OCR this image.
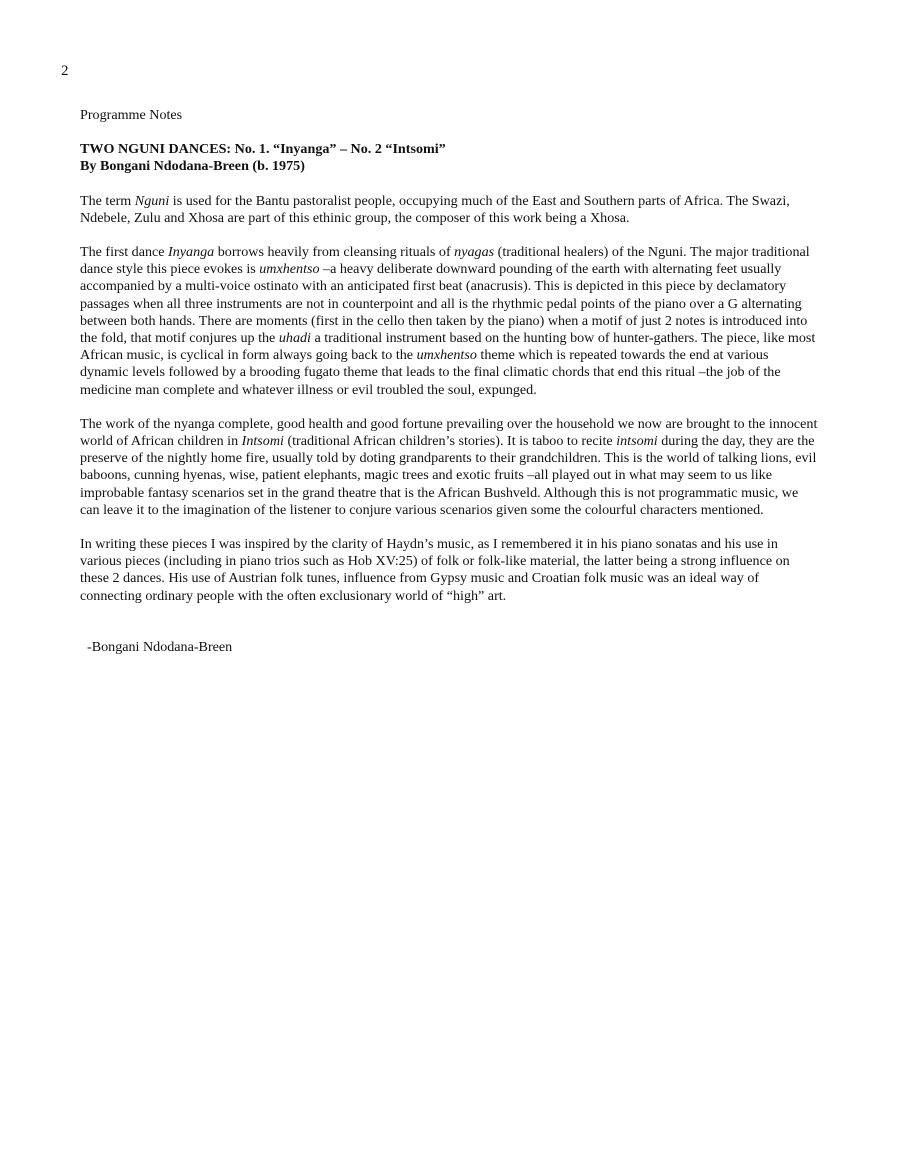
2
Programme Notes
TWO NGUNI DANCES: No. 1. “Inyanga” – No. 2 “Intsomi”
By Bongani Ndodana-Breen (b. 1975)
The term Nguni is used for the Bantu pastoralist people, occupying much of the East and Southern parts of Africa. The Swazi, Ndebele, Zulu and Xhosa are part of this ethinic group, the composer of this work being a Xhosa.
The first dance Inyanga borrows heavily from cleansing rituals of nyagas (traditional healers) of the Nguni. The major traditional dance style this piece evokes is umxhentso –a heavy deliberate downward pounding of the earth with alternating feet usually accompanied by a multi-voice ostinato with an anticipated first beat (anacrusis). This is depicted in this piece by declamatory passages when all three instruments are not in counterpoint and all is the rhythmic pedal points of the piano over a G alternating between both hands. There are moments (first in the cello then taken by the piano) when a motif of just 2 notes is introduced into the fold, that motif conjures up the uhadi a traditional instrument based on the hunting bow of hunter-gathers. The piece, like most African music, is cyclical in form always going back to the umxhentso theme which is repeated towards the end at various dynamic levels followed by a brooding fugato theme that leads to the final climatic chords that end this ritual –the job of the medicine man complete and whatever illness or evil troubled the soul, expunged.
The work of the nyanga complete, good health and good fortune prevailing over the household we now are brought to the innocent world of African children in Intsomi (traditional African children’s stories). It is taboo to recite intsomi during the day, they are the preserve of the nightly home fire, usually told by doting grandparents to their grandchildren. This is the world of talking lions, evil baboons, cunning hyenas, wise, patient elephants, magic trees and exotic fruits –all played out in what may seem to us like improbable fantasy scenarios set in the grand theatre that is the African Bushveld. Although this is not programmatic music, we can leave it to the imagination of the listener to conjure various scenarios given some the colourful characters mentioned.
In writing these pieces I was inspired by the clarity of Haydn’s music, as I remembered it in his piano sonatas and his use in various pieces (including in piano trios such as Hob XV:25) of folk or folk-like material, the latter being a strong influence on these 2 dances. His use of Austrian folk tunes, influence from Gypsy music and Croatian folk music was an ideal way of connecting ordinary people with the often exclusionary world of “high” art.
-Bongani Ndodana-Breen
